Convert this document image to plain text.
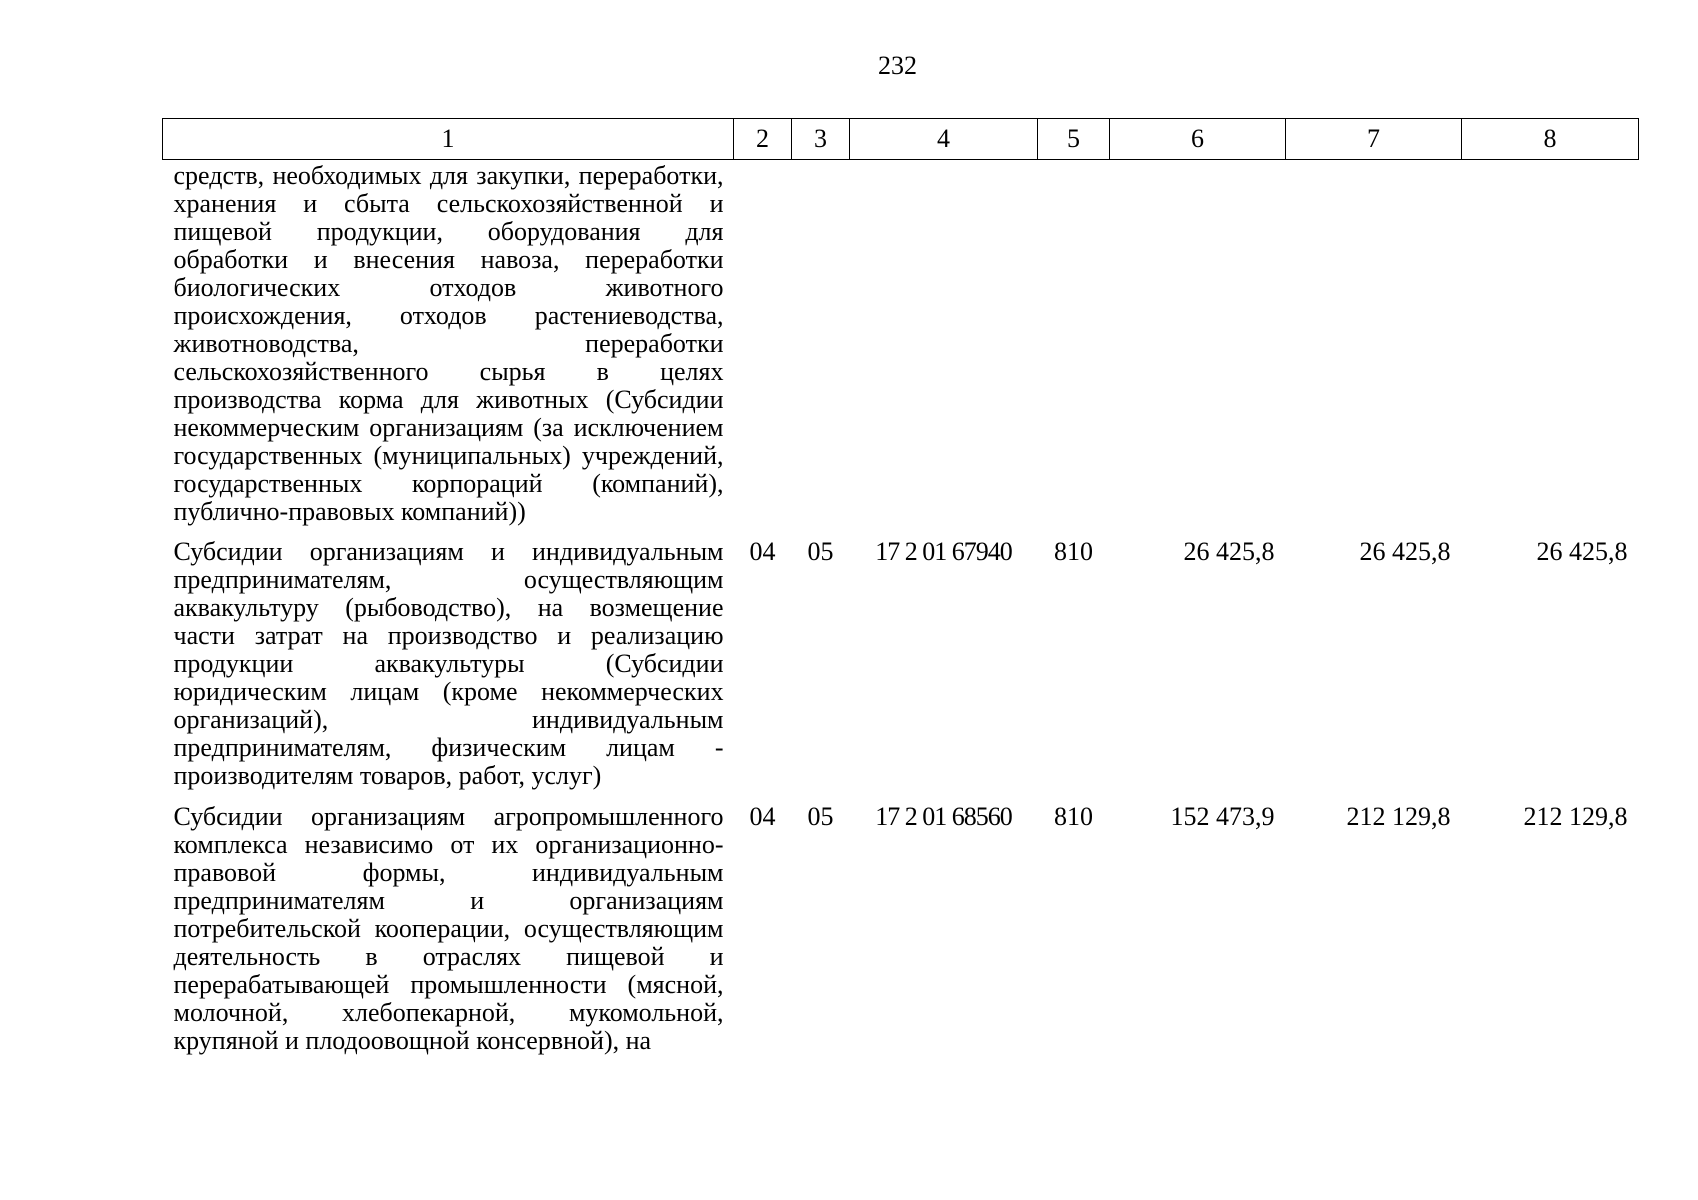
232
1	2	3	4	5	6	7	8
средств, необходимых для закупки, переработки, хранения и сбыта сельскохозяйственной и пищевой продукции, оборудования для обработки и внесения навоза, переработки биологических отходов животного происхождения, отходов растениеводства, животноводства, переработки сельскохозяйственного сырья в целях производства корма для животных (Субсидии некоммерческим организациям (за исключением государственных (муниципальных) учреждений, государственных корпораций (компаний), публично-правовых компаний))							
Субсидии организациям и индивидуальным предпринимателям, осуществляющим аквакультуру (рыбоводство), на возмещение части затрат на производство и реализацию продукции аквакультуры (Субсидии юридическим лицам (кроме некоммерческих организаций), индивидуальным предпринимателям, физическим лицам - производителям товаров, работ, услуг)	04	05	17 2 01 67940	810	26 425,8	26 425,8	26 425,8
Субсидии организациям агропромышленного комплекса независимо от их организационно-правовой формы, индивидуальным предпринимателям и организациям потребительской кооперации, осуществляющим деятельность в отраслях пищевой и перерабатывающей промышленности (мясной, молочной, хлебопекарной, мукомольной, крупяной и плодоовощной консервной), на	04	05	17 2 01 68560	810	152 473,9	212 129,8	212 129,8
